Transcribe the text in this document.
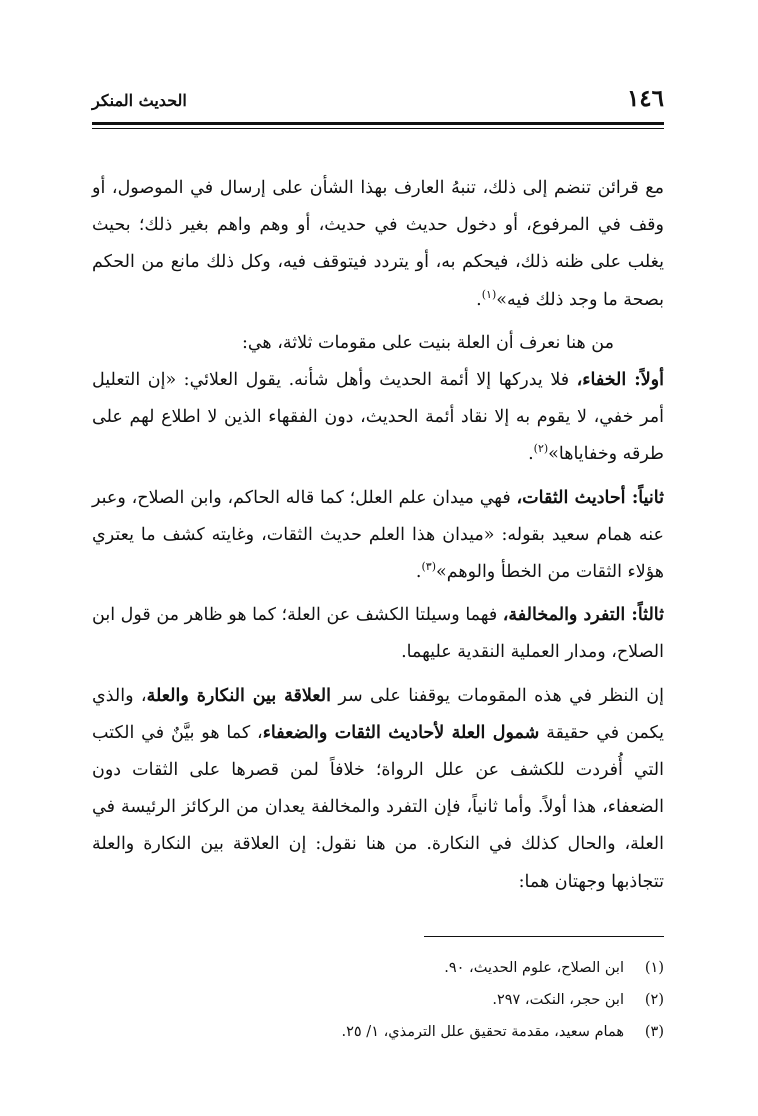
١٤٦
الحديث المنكر

مع قرائن تنضم إلى ذلك، تنبهُ العارف بهذا الشأن على إرسال في الموصول، أو وقف في المرفوع، أو دخول حديث في حديث، أو وهم واهم بغير ذلك؛ بحيث يغلب على ظنه ذلك، فيحكم به، أو يتردد فيتوقف فيه، وكل ذلك مانع من الحكم بصحة ما وجد ذلك فيه»$^{(١)}$.

من هنا نعرف أن العلة بنيت على مقومات ثلاثة، هي:

أولاً: الخفاء، فلا يدركها إلا أئمة الحديث وأهل شأنه. يقول العلائي: «إن التعليل أمر خفي، لا يقوم به إلا نقاد أئمة الحديث، دون الفقهاء الذين لا اطلاع لهم على طرقه وخفاياها»$^{(٢)}$.

ثانياً: أحاديث الثقات، فهي ميدان علم العلل؛ كما قاله الحاكم، وابن الصلاح، وعبر عنه همام سعيد بقوله: «ميدان هذا العلم حديث الثقات، وغايته كشف ما يعتري هؤلاء الثقات من الخطأ والوهم»$^{(٣)}$.

ثالثاً: التفرد والمخالفة، فهما وسيلتا الكشف عن العلة؛ كما هو ظاهر من قول ابن الصلاح، ومدار العملية النقدية عليهما.

إن النظر في هذه المقومات يوقفنا على سر العلاقة بين النكارة والعلة، والذي يكمن في حقيقة شمول العلة لأحاديث الثقات والضعفاء، كما هو بيَّنٌ في الكتب التي أُفردت للكشف عن علل الرواة؛ خلافاً لمن قصرها على الثقات دون الضعفاء، هذا أولاً. وأما ثانياً، فإن التفرد والمخالفة يعدان من الركائز الرئيسة في العلة، والحال كذلك في النكارة. من هنا نقول: إن العلاقة بين النكارة والعلة تتجاذبها وجهتان هما:

(١)ابن الصلاح، علوم الحديث، ٩٠.
(٢)ابن حجر، النكت، ٢٩٧.
(٣)همام سعيد، مقدمة تحقيق علل الترمذي، ١/ ٢٥.
